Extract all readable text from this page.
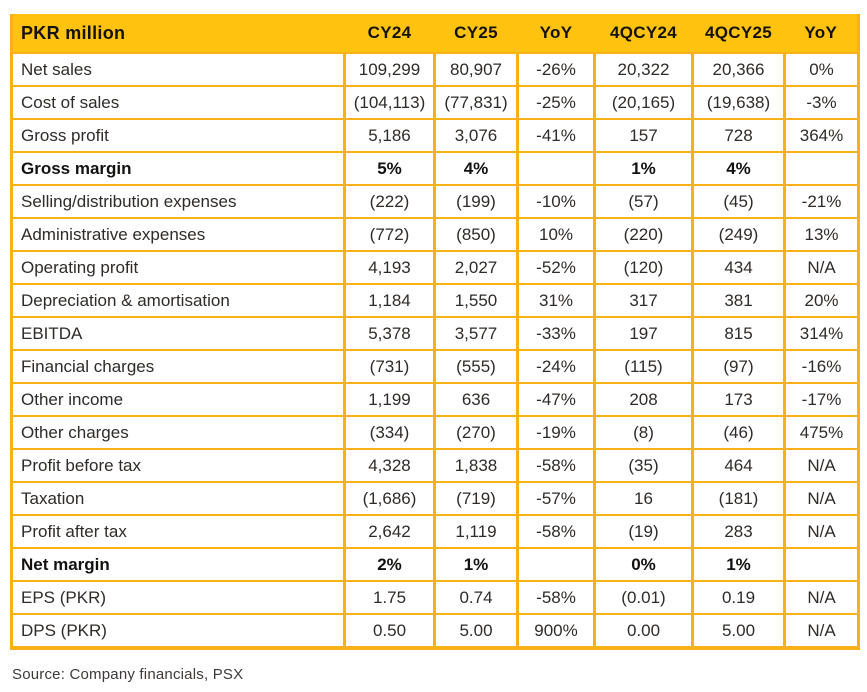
PKR million	CY24	CY25	YoY	4QCY24	4QCY25	YoY
Net sales	109,299	80,907	-26%	20,322	20,366	0%
Cost of sales	(104,113)	(77,831)	-25%	(20,165)	(19,638)	-3%
Gross profit	5,186	3,076	-41%	157	728	364%
Gross margin	5%	4%		1%	4%	
Selling/distribution expenses	(222)	(199)	-10%	(57)	(45)	-21%
Administrative expenses	(772)	(850)	10%	(220)	(249)	13%
Operating profit	4,193	2,027	-52%	(120)	434	N/A
Depreciation & amortisation	1,184	1,550	31%	317	381	20%
EBITDA	5,378	3,577	-33%	197	815	314%
Financial charges	(731)	(555)	-24%	(115)	(97)	-16%
Other income	1,199	636	-47%	208	173	-17%
Other charges	(334)	(270)	-19%	(8)	(46)	475%
Profit before tax	4,328	1,838	-58%	(35)	464	N/A
Taxation	(1,686)	(719)	-57%	16	(181)	N/A
Profit after tax	2,642	1,119	-58%	(19)	283	N/A
Net margin	2%	1%		0%	1%	
EPS (PKR)	1.75	0.74	-58%	(0.01)	0.19	N/A
DPS (PKR)	0.50	5.00	900%	0.00	5.00	N/A
Source: Company financials, PSX
